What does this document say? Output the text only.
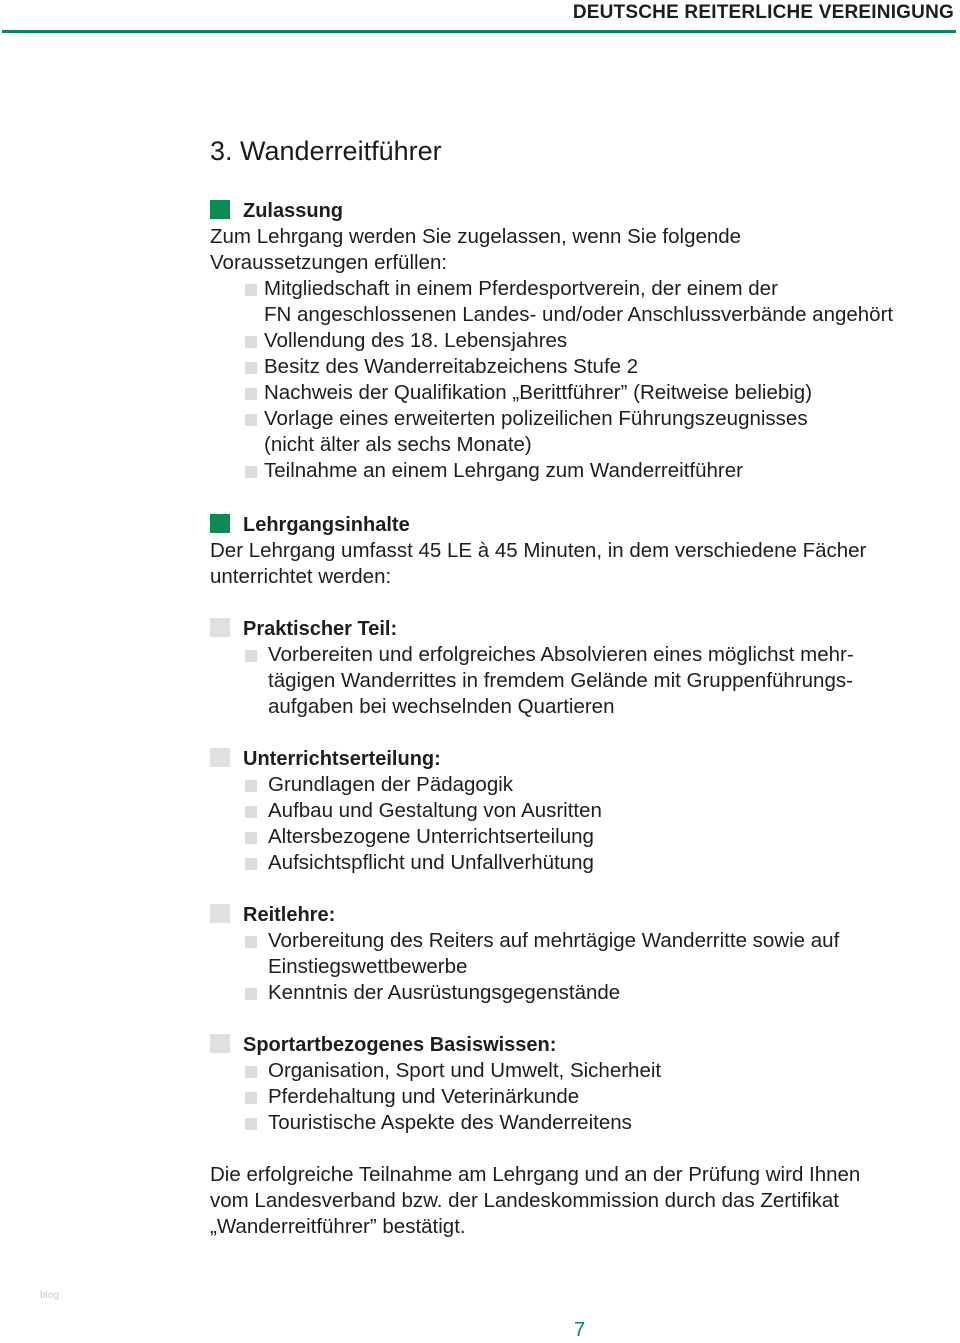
DEUTSCHE REITERLICHE VEREINIGUNG
3. Wanderreitführer
Zulassung
Zum Lehrgang werden Sie zugelassen, wenn Sie folgende
Voraussetzungen erfüllen:
Mitgliedschaft in einem Pferdesportverein, der einem der
FN angeschlossenen Landes- und/oder Anschlussverbände angehört
Vollendung des 18. Lebensjahres
Besitz des Wanderreitabzeichens Stufe 2
Nachweis der Qualifikation „Berittführer” (Reitweise beliebig)
Vorlage eines erweiterten polizeilichen Führungszeugnisses
(nicht älter als sechs Monate)
Teilnahme an einem Lehrgang zum Wanderreitführer
Lehrgangsinhalte
Der Lehrgang umfasst 45 LE à 45 Minuten, in dem verschiedene Fächer
unterrichtet werden:
Praktischer Teil:
Vorbereiten und erfolgreiches Absolvieren eines möglichst mehr-
tägigen Wanderrittes in fremdem Gelände mit Gruppenführungs-
aufgaben bei wechselnden Quartieren
Unterrichtserteilung:
Grundlagen der Pädagogik
Aufbau und Gestaltung von Ausritten
Altersbezogene Unterrichtserteilung
Aufsichtspflicht und Unfallverhütung
Reitlehre:
Vorbereitung des Reiters auf mehrtägige Wanderritte sowie auf
Einstiegswettbewerbe
Kenntnis der Ausrüstungsgegenstände
Sportartbezogenes Basiswissen:
Organisation, Sport und Umwelt, Sicherheit
Pferdehaltung und Veterinärkunde
Touristische Aspekte des Wanderreitens
Die erfolgreiche Teilnahme am Lehrgang und an der Prüfung wird Ihnen
vom Landesverband bzw. der Landeskommission durch das Zertifikat
„Wanderreitführer” bestätigt.
blog
7
